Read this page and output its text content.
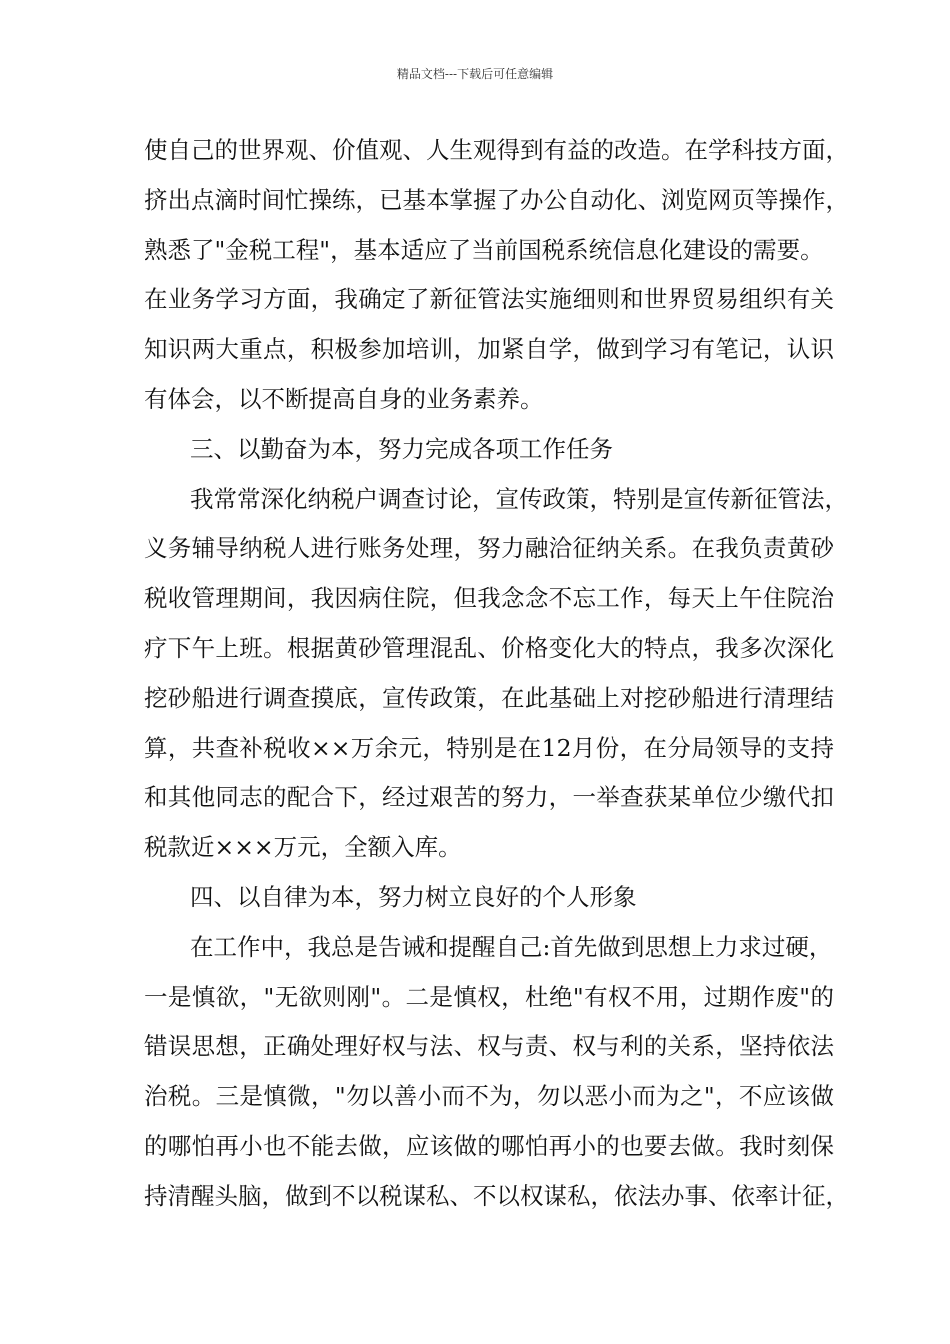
精品文档---下载后可任意编辑
使自己的世界观、价值观、人生观得到有益的改造。在学科技方面，
挤出点滴时间忙操练，已基本掌握了办公自动化、浏览网页等操作，
熟悉了"金税工程"，基本适应了当前国税系统信息化建设的需要。
在业务学习方面，我确定了新征管法实施细则和世界贸易组织有关
知识两大重点，积极参加培训，加紧自学，做到学习有笔记，认识
有体会，以不断提高自身的业务素养。
三、以勤奋为本，努力完成各项工作任务
我常常深化纳税户调查讨论，宣传政策，特别是宣传新征管法，
义务辅导纳税人进行账务处理，努力融洽征纳关系。在我负责黄砂
税收管理期间，我因病住院，但我念念不忘工作，每天上午住院治
疗下午上班。根据黄砂管理混乱、价格变化大的特点，我多次深化
挖砂船进行调查摸底，宣传政策，在此基础上对挖砂船进行清理结
算，共查补税收××万余元，特别是在12月份，在分局领导的支持
和其他同志的配合下，经过艰苦的努力，一举查获某单位少缴代扣
税款近×××万元，全额入库。
四、以自律为本，努力树立良好的个人形象
在工作中，我总是告诫和提醒自己:首先做到思想上力求过硬，
一是慎欲，"无欲则刚"。二是慎权，杜绝"有权不用，过期作废"的
错误思想，正确处理好权与法、权与责、权与利的关系，坚持依法
治税。三是慎微，"勿以善小而不为，勿以恶小而为之"，不应该做
的哪怕再小也不能去做，应该做的哪怕再小的也要去做。我时刻保
持清醒头脑，做到不以税谋私、不以权谋私，依法办事、依率计征，
